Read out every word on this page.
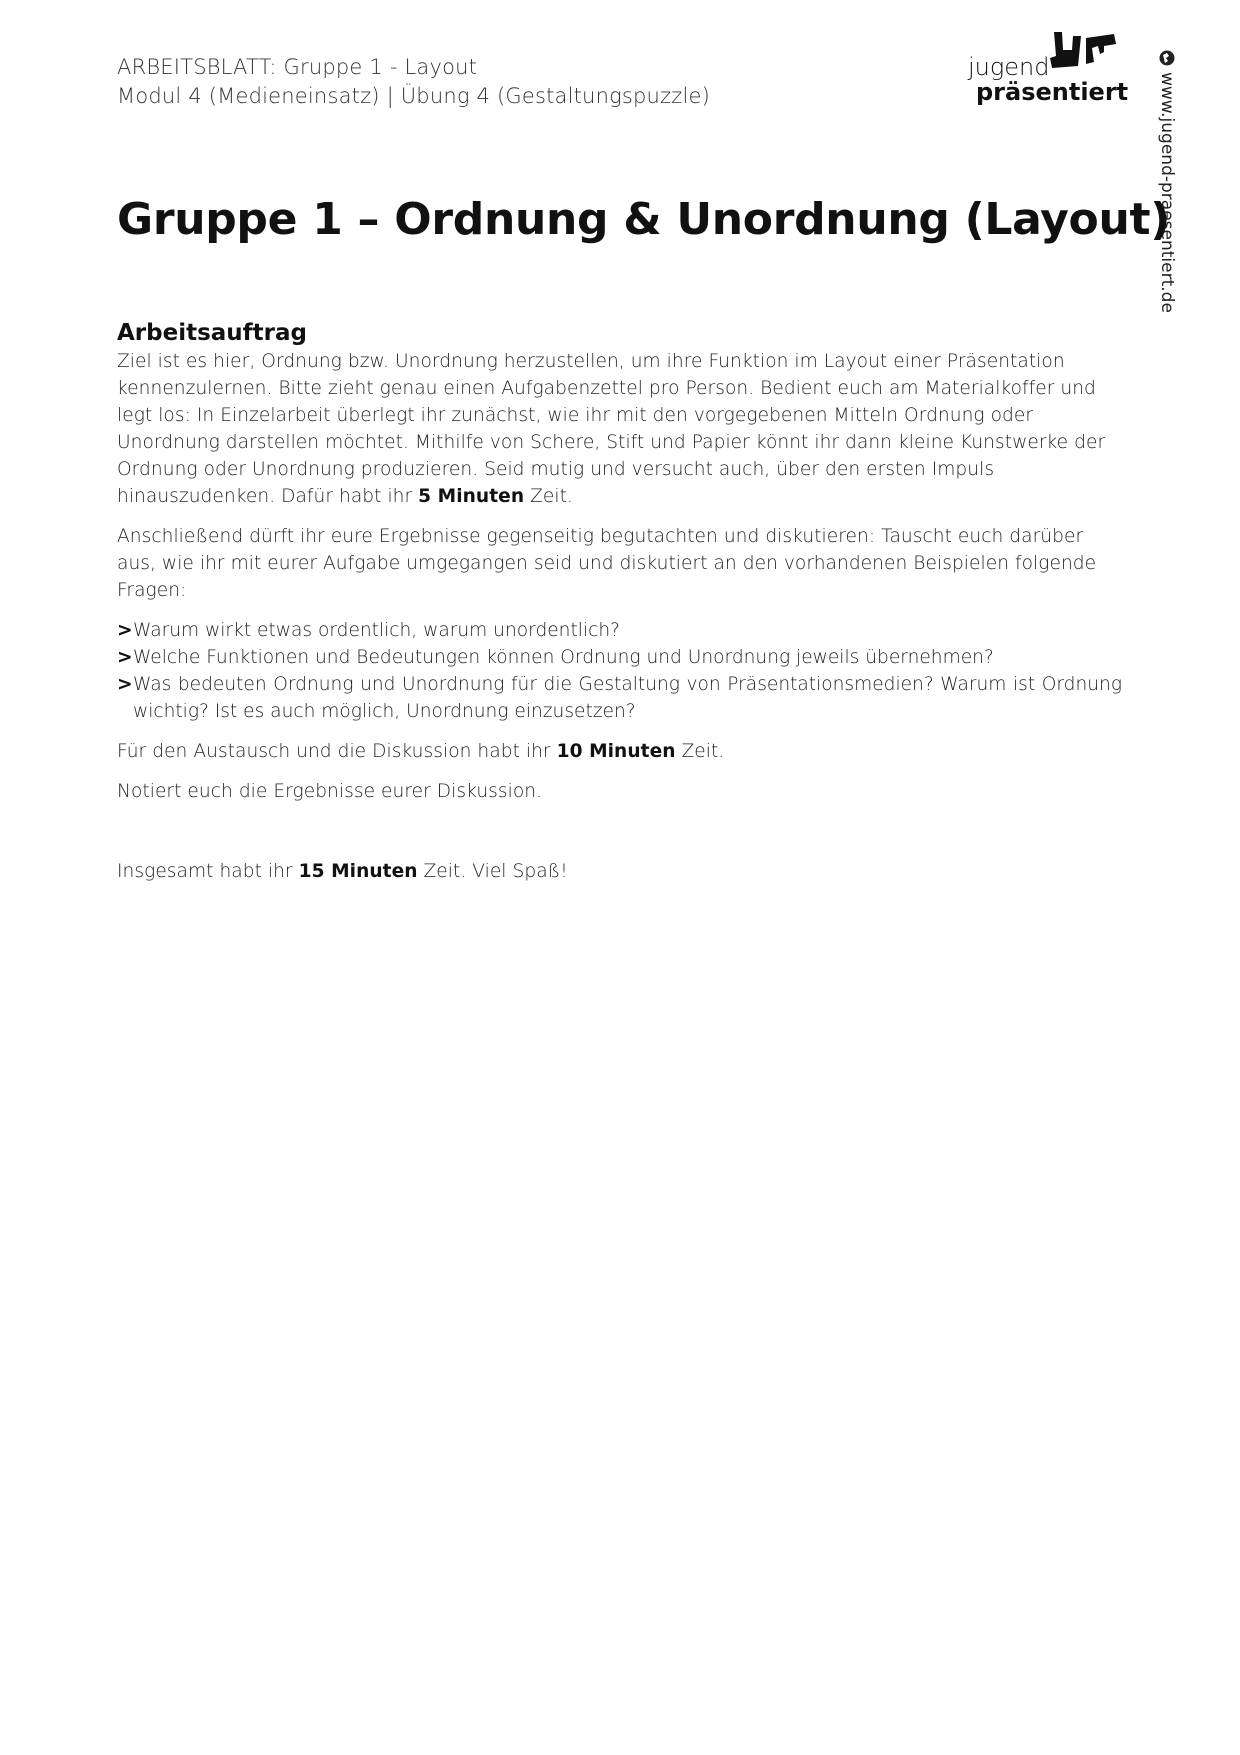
ARBEITSBLATT: Gruppe 1 - Layout
Modul 4 (Medieneinsatz) | Übung 4 (Gestaltungspuzzle)
jugend
präsentiert www.jugend-praesentiert.de
Gruppe 1 – Ordnung & Unordnung (Layout)
Arbeitsauftrag

Ziel ist es hier, Ordnung bzw. Unordnung herzustellen, um ihre Funktion im Layout einer Präsentation kennenzulernen. Bitte zieht genau einen Aufgabenzettel pro Person. Bedient euch am Materialkoffer und legt los: In Einzelarbeit überlegt ihr zunächst, wie ihr mit den vorgegebenen Mitteln Ordnung oder Unordnung darstellen möchtet. Mithilfe von Schere, Stift und Papier könnt ihr dann kleine Kunstwerke der Ordnung oder Unordnung produzieren. Seid mutig und versucht auch, über den ersten Impuls hinauszudenken. Dafür habt ihr 5 Minuten Zeit.

Anschließend dürft ihr eure Ergebnisse gegenseitig begutachten und diskutieren: Tauscht euch darüber aus, wie ihr mit eurer Aufgabe umgegangen seid und diskutiert an den vorhandenen Beispielen folgende Fragen:

> Warum wirkt etwas ordentlich, warum unordentlich?
> Welche Funktionen und Bedeutungen können Ordnung und Unordnung jeweils übernehmen?
> Was bedeuten Ordnung und Unordnung für die Gestaltung von Präsentationsmedien? Warum ist Ordnung wichtig? Ist es auch möglich, Unordnung einzusetzen?

Für den Austausch und die Diskussion habt ihr 10 Minuten Zeit.

Notiert euch die Ergebnisse eurer Diskussion.

Insgesamt habt ihr 15 Minuten Zeit. Viel Spaß!
